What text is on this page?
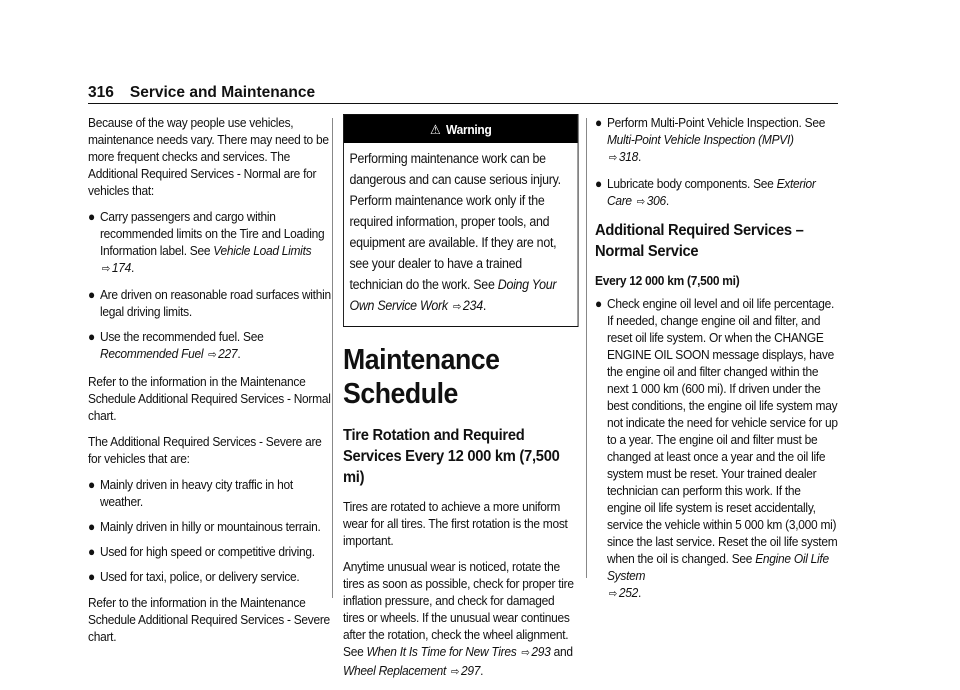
316 Service and Maintenance

Because of the way people use vehicles, maintenance needs vary. There may need to be more frequent checks and services. The Additional Required Services - Normal are for vehicles that:

● Carry passengers and cargo within recommended limits on the Tire and Loading Information label. See Vehicle Load Limits ⇨ 174.
● Are driven on reasonable road surfaces within legal driving limits.
● Use the recommended fuel. See
Recommended Fuel ⇨ 227.

Refer to the information in the Maintenance Schedule Additional Required Services - Normal chart.

The Additional Required Services - Severe are for vehicles that are:

● Mainly driven in heavy city traffic in hot weather.
● Mainly driven in hilly or mountainous terrain.
● Used for high speed or competitive driving.
● Used for taxi, police, or delivery service.

Refer to the information in the Maintenance Schedule Additional Required Services - Severe chart.

⚠ Warning
Performing maintenance work can be dangerous and can cause serious injury. Perform maintenance work only if the required information, proper tools, and equipment are available. If they are not, see your dealer to have a trained technician do the work. See Doing Your Own Service Work ⇨ 234.
Maintenance Schedule
Tire Rotation and Required Services Every 12 000 km (7,500 mi)

Tires are rotated to achieve a more uniform wear for all tires. The first rotation is the most important.

Anytime unusual wear is noticed, rotate the tires as soon as possible, check for proper tire inflation pressure, and check for damaged tires or wheels. If the unusual wear continues after the rotation, check the wheel alignment. See When It Is Time for New Tires ⇨ 293 and
Wheel Replacement ⇨ 297.

● Perform Multi-Point Vehicle Inspection. See Multi-Point Vehicle Inspection (MPVI)
⇨ 318.
● Lubricate body components. See Exterior Care ⇨ 306.
Additional Required Services – Normal Service
Every 12 000 km (7,500 mi)
● Check engine oil level and oil life percentage. If needed, change engine oil and filter, and reset oil life system. Or when the CHANGE ENGINE OIL SOON message displays, have the engine oil and filter changed within the next 1 000 km (600 mi). If driven under the best conditions, the engine oil life system may not indicate the need for vehicle service for up to a year. The engine oil and filter must be changed at least once a year and the oil life system must be reset. Your trained dealer technician can perform this work. If the engine oil life system is reset accidentally, service the vehicle within 5 000 km (3,000 mi) since the last service. Reset the oil life system when the oil is changed. See Engine Oil Life System
⇨ 252.
